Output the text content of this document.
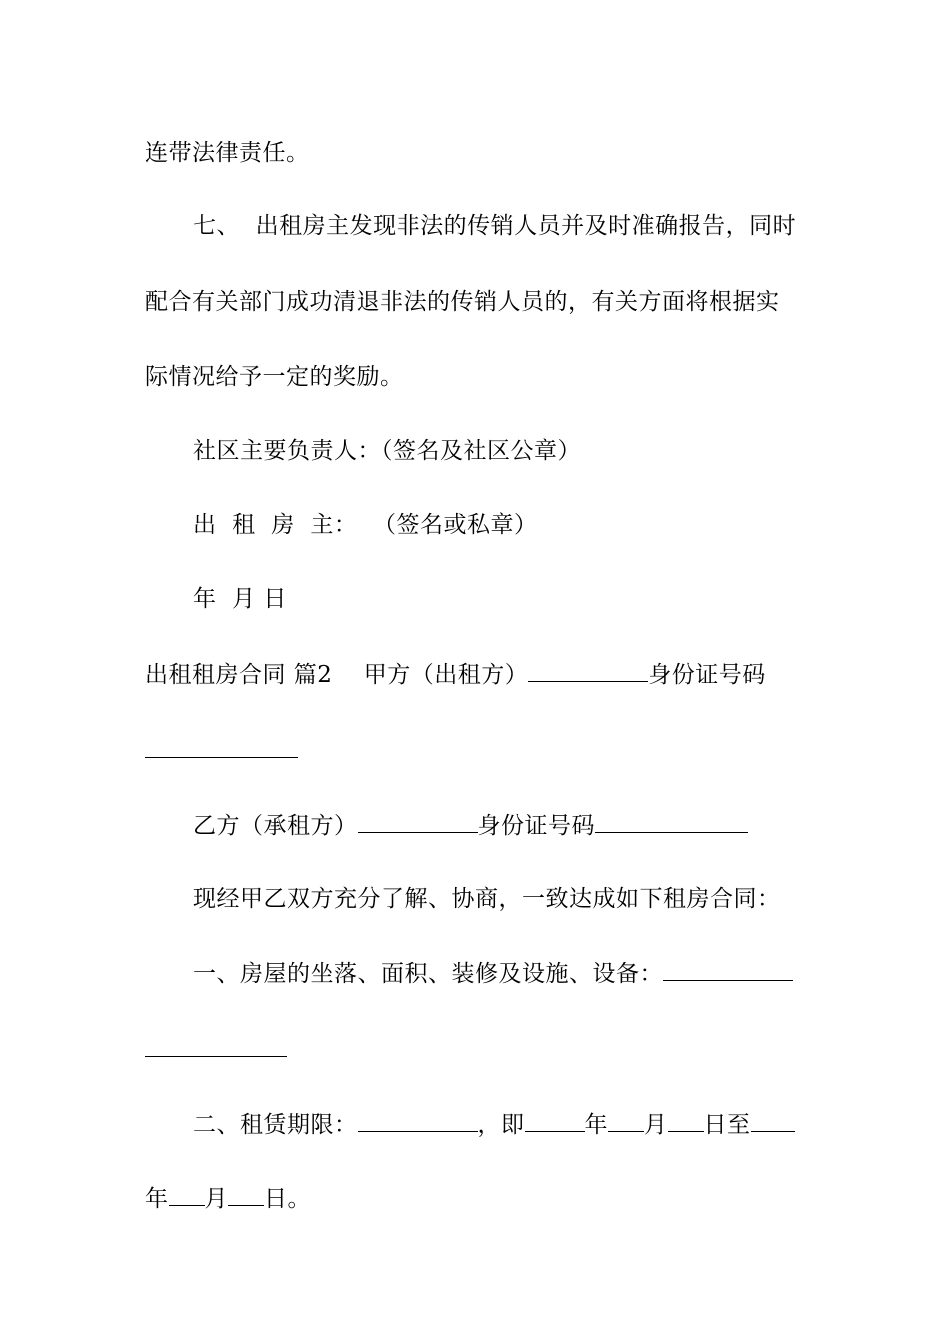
连带法律责任。
七、  出租房主发现非法的传销人员并及时准确报告，同时
配合有关部门成功清退非法的传销人员的，有关方面将根据实
际情况给予一定的奖励。
社区主要负责人：（签名及社区公章）
出  租  房  主：  （签名或私章）
年  月 日
出租租房合同 篇2    甲方（出租方）	身份证号码
乙方（承租方）	身份证号码
现经甲乙双方充分了解、协商，一致达成如下租房合同：
一、房屋的坐落、面积、装修及设施、设备：
二、租赁期限：	，即	年 月 日至
年 月 日。
